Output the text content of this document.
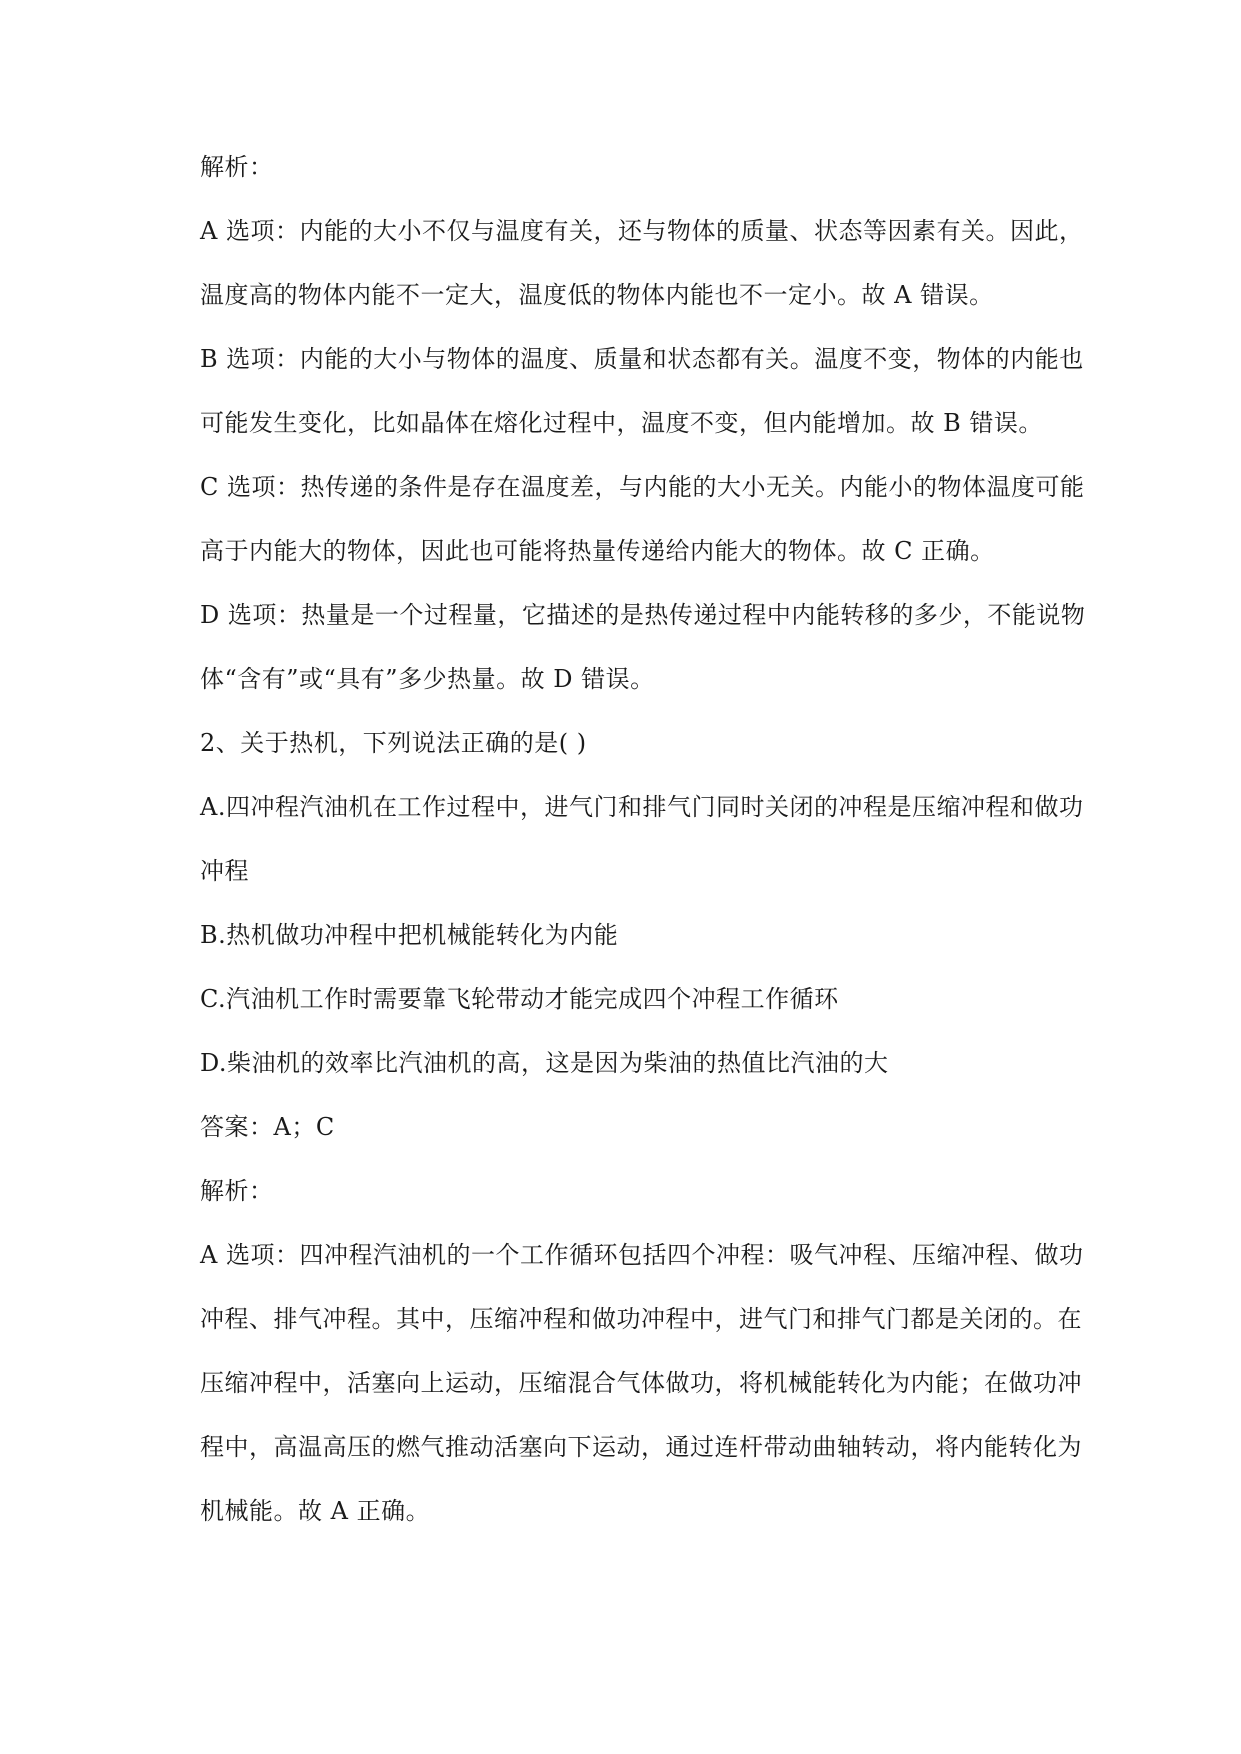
解析：
A 选项：内能的大小不仅与温度有关，还与物体的质量、状态等因素有关。因此，
温度高的物体内能不一定大，温度低的物体内能也不一定小。故 A 错误。
B 选项：内能的大小与物体的温度、质量和状态都有关。温度不变，物体的内能也
可能发生变化，比如晶体在熔化过程中，温度不变，但内能增加。故 B 错误。
C 选项：热传递的条件是存在温度差，与内能的大小无关。内能小的物体温度可能
高于内能大的物体，因此也可能将热量传递给内能大的物体。故 C 正确。
D 选项：热量是一个过程量，它描述的是热传递过程中内能转移的多少，不能说物
体“含有”或“具有”多少热量。故 D 错误。
2、关于热机，下列说法正确的是( )
A.四冲程汽油机在工作过程中，进气门和排气门同时关闭的冲程是压缩冲程和做功
冲程
B.热机做功冲程中把机械能转化为内能
C.汽油机工作时需要靠飞轮带动才能完成四个冲程工作循环
D.柴油机的效率比汽油机的高，这是因为柴油的热值比汽油的大
答案：A；C
解析：
A 选项：四冲程汽油机的一个工作循环包括四个冲程：吸气冲程、压缩冲程、做功
冲程、排气冲程。其中，压缩冲程和做功冲程中，进气门和排气门都是关闭的。在
压缩冲程中，活塞向上运动，压缩混合气体做功，将机械能转化为内能；在做功冲
程中，高温高压的燃气推动活塞向下运动，通过连杆带动曲轴转动，将内能转化为
机械能。故 A 正确。
